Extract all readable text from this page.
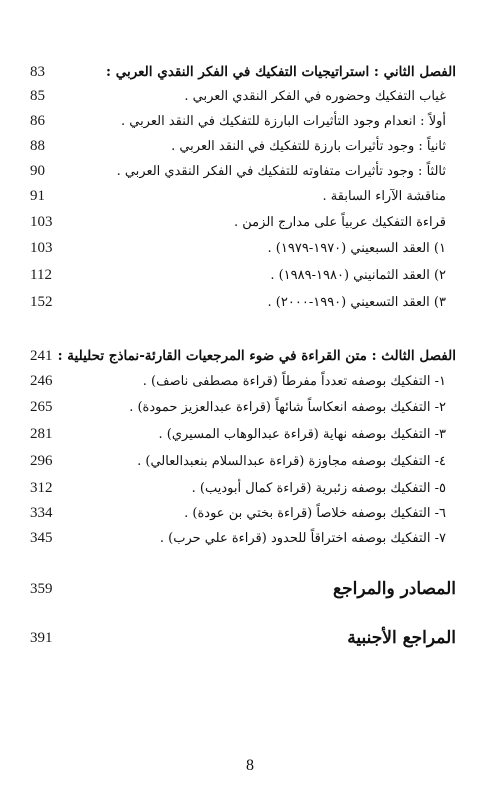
83	الفصل الثاني : استراتيجيات التفكيك في الفكر النقدي العربي :
85	غياب التفكيك وحضوره في الفكر النقدي العربي .
86	أولاً : انعدام وجود التأثيرات البارزة للتفكيك في النقد العربي .
88	ثانياً : وجود تأثيرات بارزة للتفكيك في النقد العربي .
90	ثالثاً : وجود تأثيرات متفاوته للتفكيك في الفكر النقدي العربي .
91	مناقشة الآراء السابقة .
103	قراءة التفكيك عربياً على مدارج الزمن .
103	١) العقد السبعيني (١٩٧٠-١٩٧٩) .
112	٢) العقد الثمانيني (١٩٨٠-١٩٨٩) .
152	٣) العقد التسعيني (١٩٩٠-٢٠٠٠) .
241 الفصل الثالث : متن القراءة في ضوء المرجعيات القارئة-نماذج تحليلية :
246	١- التفكيك بوصفه تعدداً مفرطاً (قراءة مصطفى ناصف) .
265	٢- التفكيك بوصفه انعكاساً شائهاً (قراءة عبدالعزيز حمودة) .
281	٣- التفكيك بوصفه نهاية (قراءة عبدالوهاب المسيري) .
296	٤- التفكيك بوصفه مجاوزة (قراءة عبدالسلام بنعبدالعالي) .
312	٥- التفكيك بوصفه زئبرية (قراءة كمال أبوديب) .
334	٦- التفكيك بوصفه خلاصاً (قراءة بختي بن عودة) .
345	٧- التفكيك بوصفه اختراقاً للحدود (قراءة علي حرب) .
359	المصادر والمراجع
391	المراجع الأجنبية
8
